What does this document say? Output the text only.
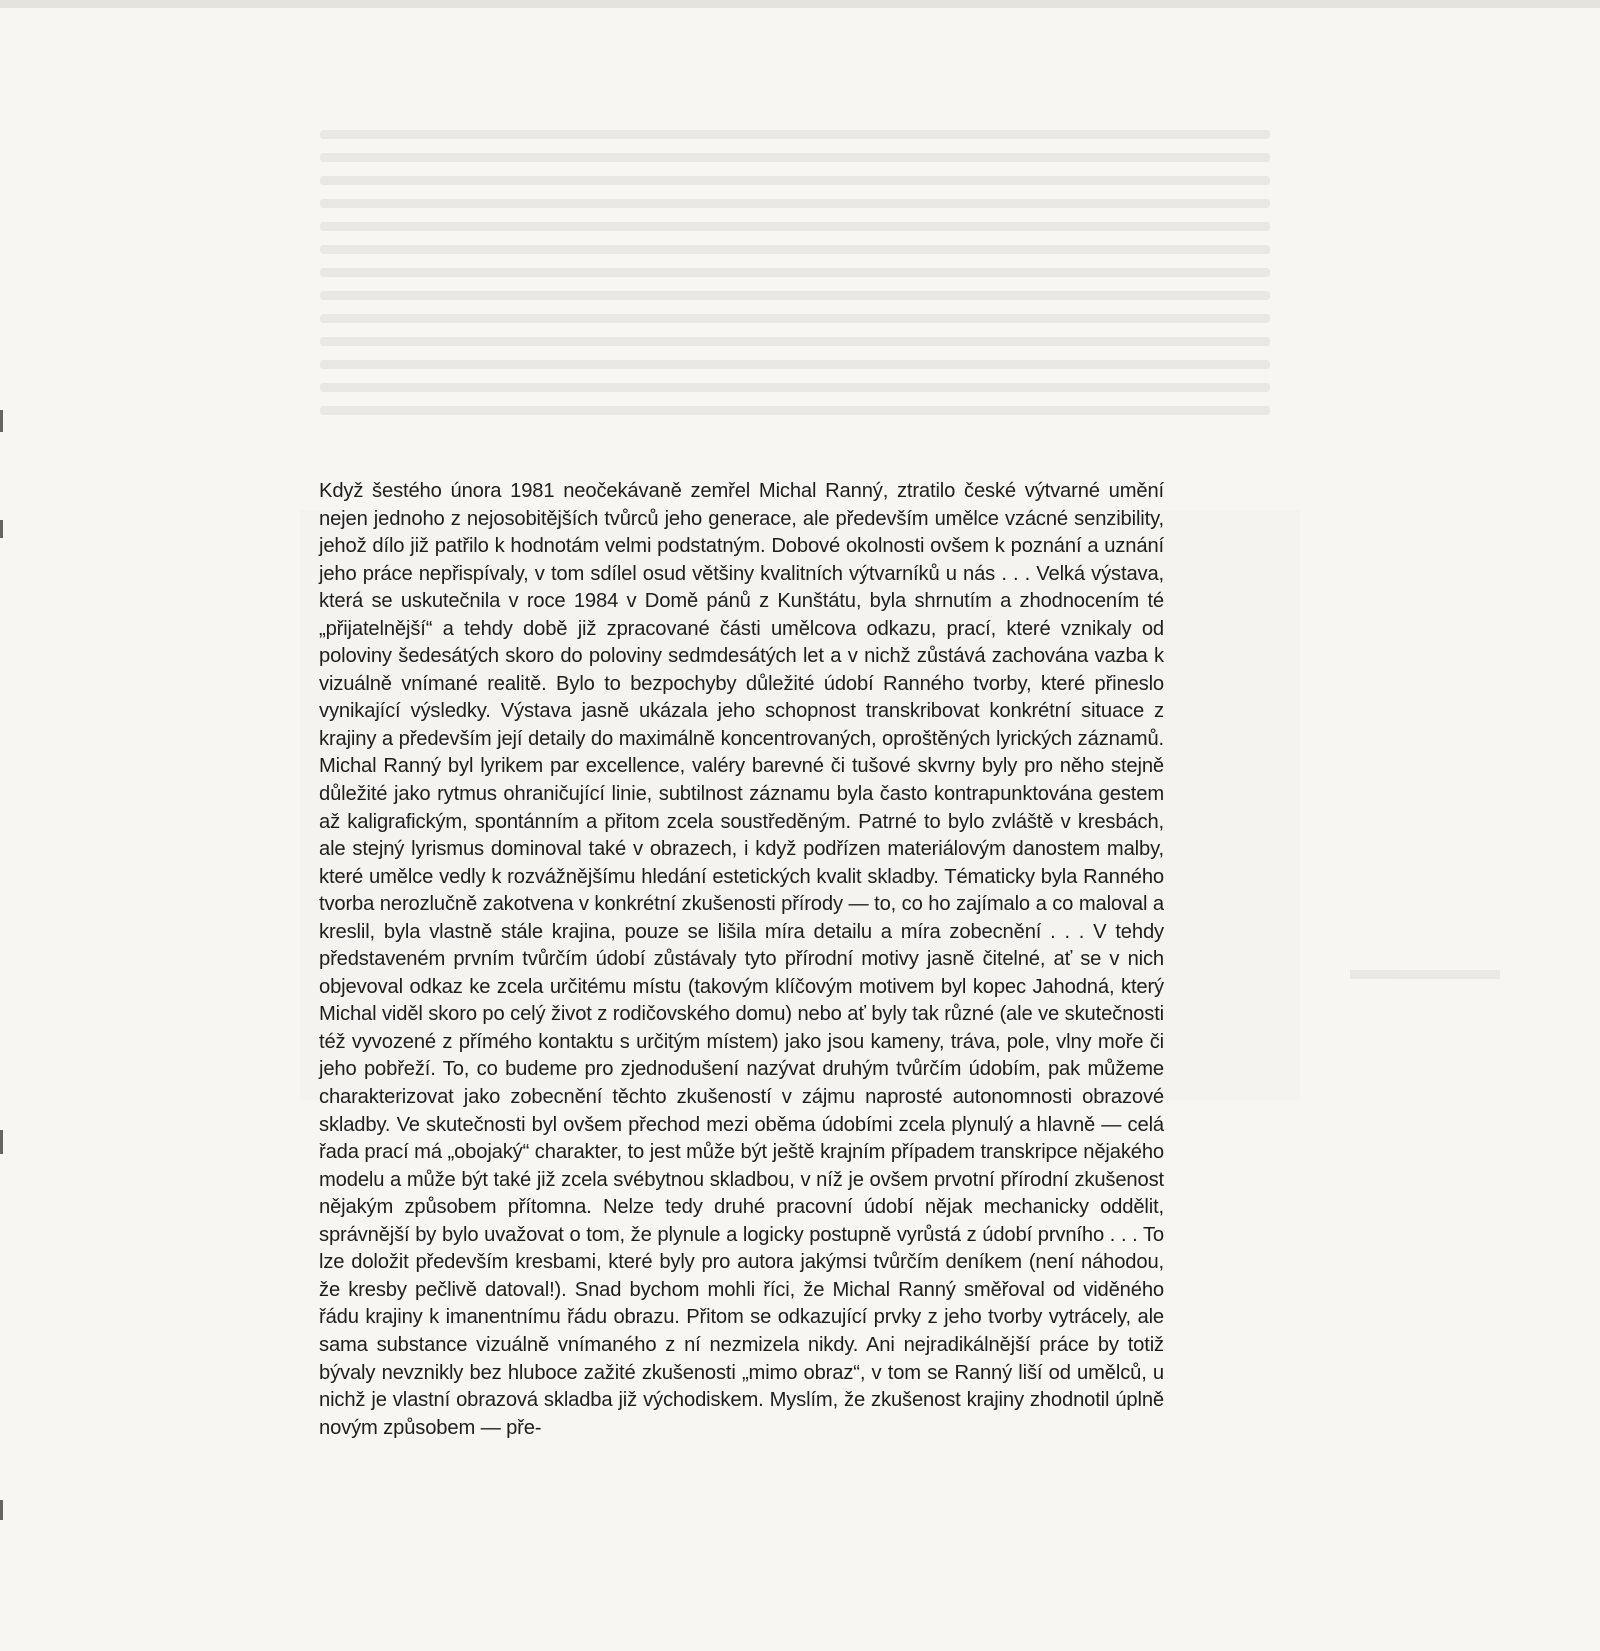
Když šestého února 1981 neočekávaně zemřel Michal Ranný, ztratilo české výtvarné umění nejen jednoho z nejosobitějších tvůrců jeho generace, ale především umělce vzácné senzibility, jehož dílo již patřilo k hodnotám velmi podstatným. Dobové okolnosti ovšem k poznání a uznání jeho práce nepřispívaly, v tom sdílel osud většiny kvalitních výtvarníků u nás . . . Velká výstava, která se uskutečnila v roce 1984 v Domě pánů z Kunštátu, byla shrnutím a zhodnocením té „přijatelnější“ a tehdy době již zpracované části umělcova odkazu, prací, které vznikaly od poloviny šedesátých skoro do poloviny sedmdesátých let a v nichž zůstává zachována vazba k vizuálně vnímané realitě. Bylo to bezpochyby důležité údobí Ranného tvorby, které přineslo vynikající výsledky. Výstava jasně ukázala jeho schopnost transkribovat konkrétní situace z krajiny a především její detaily do maximálně koncentrovaných, oproštěných lyrických záznamů. Michal Ranný byl lyrikem par excellence, valéry barevné či tušové skvrny byly pro něho stejně důležité jako rytmus ohraničující linie, subtilnost záznamu byla často kontrapunktována gestem až kaligrafickým, spontánním a přitom zcela soustředěným. Patrné to bylo zvláště v kresbách, ale stejný lyrismus dominoval také v obrazech, i když podřízen materiálovým danostem malby, které umělce vedly k rozvážnějšímu hledání estetických kvalit skladby. Tématicky byla Ranného tvorba nerozlučně zakotvena v konkrétní zkušenosti přírody — to, co ho zajímalo a co maloval a kreslil, byla vlastně stále krajina, pouze se lišila míra detailu a míra zobecnění . . . V tehdy představeném prvním tvůrčím údobí zůstávaly tyto přírodní motivy jasně čitelné, ať se v nich objevoval odkaz ke zcela určitému místu (takovým klíčovým motivem byl kopec Jahodná, který Michal viděl skoro po celý život z rodičovského domu) nebo ať byly tak různé (ale ve skutečnosti též vyvozené z přímého kontaktu s určitým místem) jako jsou kameny, tráva, pole, vlny moře či jeho pobřeží. To, co budeme pro zjednodušení nazývat druhým tvůrčím údobím, pak můžeme charakterizovat jako zobecnění těchto zkušeností v zájmu naprosté autonomnosti obrazové skladby. Ve skutečnosti byl ovšem přechod mezi oběma údobími zcela plynulý a hlavně — celá řada prací má „obojaký“ charakter, to jest může být ještě krajním případem transkripce nějakého modelu a může být také již zcela svébytnou skladbou, v níž je ovšem prvotní přírodní zkušenost nějakým způsobem přítomna. Nelze tedy druhé pracovní údobí nějak mechanicky oddělit, správnější by bylo uvažovat o tom, že plynule a logicky postupně vyrůstá z údobí prvního . . . To lze doložit především kresbami, které byly pro autora jakýmsi tvůrčím deníkem (není náhodou, že kresby pečlivě datoval!). Snad bychom mohli říci, že Michal Ranný směřoval od viděného řádu krajiny k imanentnímu řádu obrazu. Přitom se odkazující prvky z jeho tvorby vytrácely, ale sama substance vizuálně vnímaného z ní nezmizela nikdy. Ani nejradikálnější práce by totiž bývaly nevznikly bez hluboce zažité zkušenosti „mimo obraz“, v tom se Ranný liší od umělců, u nichž je vlastní obrazová skladba již východiskem. Myslím, že zkušenost krajiny zhodnotil úplně novým způsobem — pře-
